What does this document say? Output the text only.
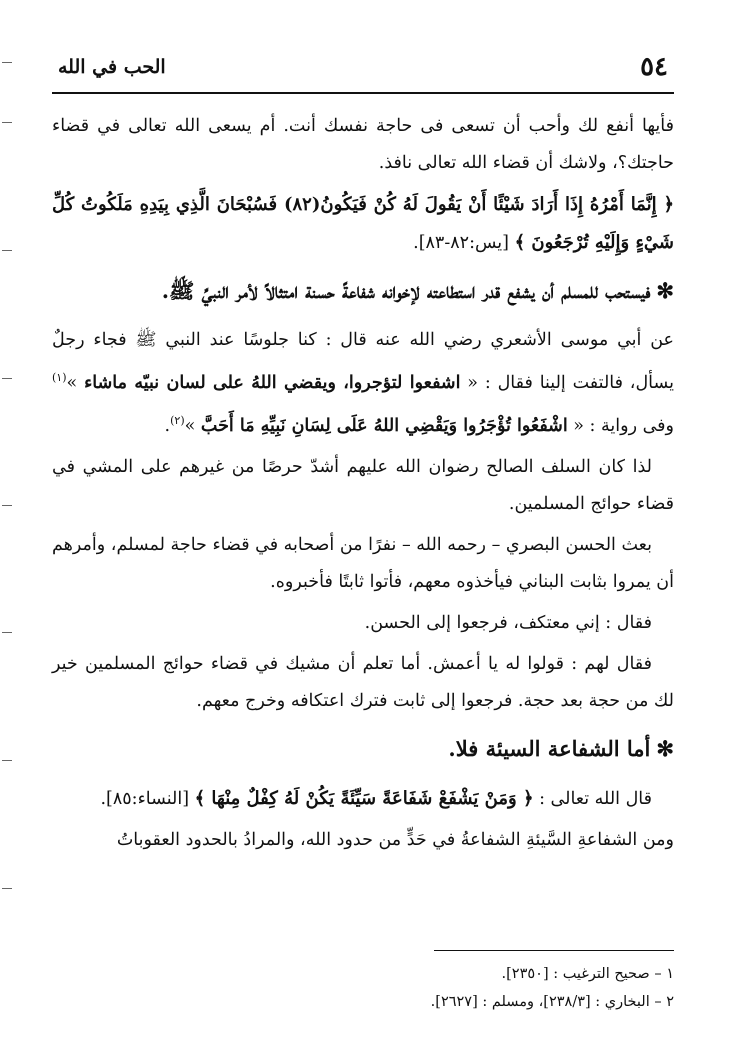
٥٤
الحب في الله

فأيها أنفع لك وأحب أن تسعى فى حاجة نفسك أنت. أم يسعى الله تعالى في قضاء حاجتك؟، ولاشك أن قضاء الله تعالى نافذ.

﴿ إِنَّمَا أَمْرُهُ إِذَا أَرَادَ شَيْئًا أَنْ يَقُولَ لَهُ كُنْ فَيَكُونُ(٨٢) فَسُبْحَانَ الَّذِي بِيَدِهِ مَلَكُوتُ كُلِّ شَيْءٍ وَإِلَيْهِ تُرْجَعُونَ ﴾ [يس:٨٢-٨٣].

✻فيستحب للمسلم أن يشفع قدر استطاعته لإخوانه شفاعةً حسنة امتثالاً لأمر النبيِّ ﷺ.

عن أبي موسى الأشعري رضي الله عنه قال : كنا جلوسًا عند النبي ﷺ فجاء رجلٌ يسأل، فالتفت إلينا فقال : « اشفعوا لتؤجروا، ويقضي اللهُ على لسان نبيّه ماشاء »$^{(١)}$ وفى رواية : « اشْفَعُوا تُؤْجَرُوا وَيَقْضِي اللهُ عَلَى لِسَانِ نَبِيِّهِ مَا أَحَبَّ »$^{(٢)}$.

لذا كان السلف الصالح رضوان الله عليهم أشدّ حرصًا من غيرهم على المشي في قضاء حوائج المسلمين.

بعث الحسن البصري – رحمه الله – نفرًا من أصحابه في قضاء حاجة لمسلم، وأمرهم أن يمروا بثابت البناني فيأخذوه معهم، فأتوا ثابتًا فأخبروه.

فقال : إني معتكف، فرجعوا إلى الحسن.

فقال لهم : قولوا له يا أعمش. أما تعلم أن مشيك في قضاء حوائج المسلمين خير لك من حجة بعد حجة. فرجعوا إلى ثابت فترك اعتكافه وخرج معهم.

✻أما الشفاعة السيئة فلا.

قال الله تعالى : ﴿ وَمَنْ يَشْفَعْ شَفَاعَةً سَيِّئَةً يَكُنْ لَهُ كِفْلٌ مِنْهَا ﴾ [النساء:٨٥].

ومن الشفاعةِ السَّيئةِ الشفاعةُ في حَدٍّ من حدود الله، والمرادُ بالحدود العقوباتُ

١ – صحيح الترغيب : [٢٣٥٠].

٢ – البخاري : [٢٣٨/٣]، ومسلم : [٢٦٢٧].
